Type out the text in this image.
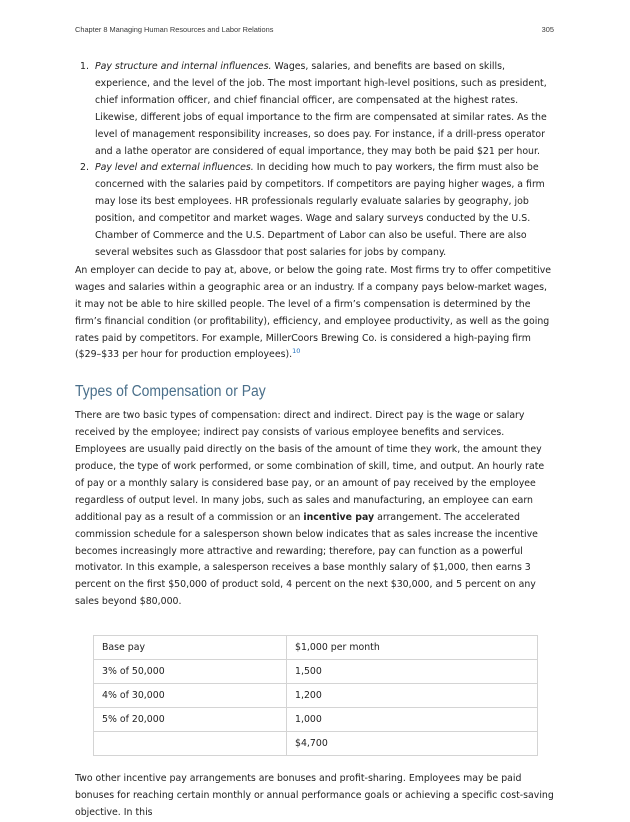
Chapter 8 Managing Human Resources and Labor Relations	305
1. Pay structure and internal influences. Wages, salaries, and benefits are based on skills, experience, and the level of the job. The most important high-level positions, such as president, chief information officer, and chief financial officer, are compensated at the highest rates. Likewise, different jobs of equal importance to the firm are compensated at similar rates. As the level of management responsibility increases, so does pay. For instance, if a drill-press operator and a lathe operator are considered of equal importance, they may both be paid $21 per hour.
2. Pay level and external influences. In deciding how much to pay workers, the firm must also be concerned with the salaries paid by competitors. If competitors are paying higher wages, a firm may lose its best employees. HR professionals regularly evaluate salaries by geography, job position, and competitor and market wages. Wage and salary surveys conducted by the U.S. Chamber of Commerce and the U.S. Department of Labor can also be useful. There are also several websites such as Glassdoor that post salaries for jobs by company.

An employer can decide to pay at, above, or below the going rate. Most firms try to offer competitive wages and salaries within a geographic area or an industry. If a company pays below-market wages, it may not be able to hire skilled people. The level of a firm’s compensation is determined by the firm’s financial condition (or profitability), efficiency, and employee productivity, as well as the going rates paid by competitors. For example, MillerCoors Brewing Co. is considered a high-paying firm ($29–$33 per hour for production employees).$^{10}$

Types of Compensation or Pay

There are two basic types of compensation: direct and indirect. Direct pay is the wage or salary received by the employee; indirect pay consists of various employee benefits and services. Employees are usually paid directly on the basis of the amount of time they work, the amount they produce, the type of work performed, or some combination of skill, time, and output. An hourly rate of pay or a monthly salary is considered base pay, or an amount of pay received by the employee regardless of output level. In many jobs, such as sales and manufacturing, an employee can earn additional pay as a result of a commission or an incentive pay arrangement. The accelerated commission schedule for a salesperson shown below indicates that as sales increase the incentive becomes increasingly more attractive and rewarding; therefore, pay can function as a powerful motivator. In this example, a salesperson receives a base monthly salary of $1,000, then earns 3 percent on the first $50,000 of product sold, 4 percent on the next $30,000, and 5 percent on any sales beyond $80,000.

Base pay	$1,000 per month
3% of 50,000	1,500
4% of 30,000	1,200
5% of 20,000	1,000
	$4,700

Two other incentive pay arrangements are bonuses and profit-sharing. Employees may be paid bonuses for reaching certain monthly or annual performance goals or achieving a specific cost-saving objective. In this
